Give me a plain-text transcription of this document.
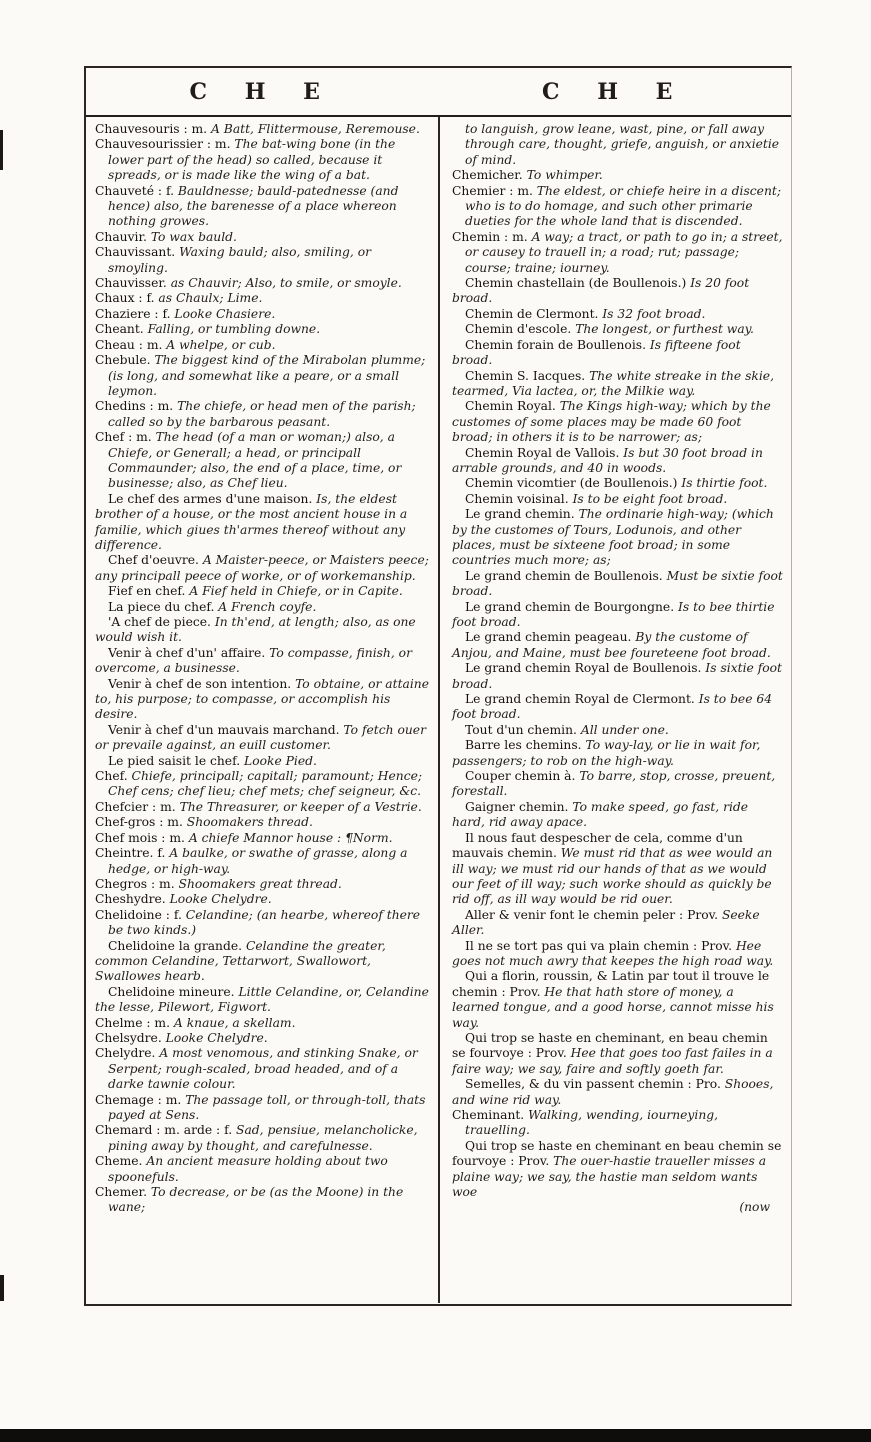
C H E	C H E

Chauvesouris : m. A Batt, Flittermouse, Reremouse.

Chauvesourissier : m. The bat-wing bone (in the lower part of the head) so called, because it spreads, or is made like the wing of a bat.

Chauveté : f. Bauldnesse; bauld-patednesse (and hence) also, the barenesse of a place whereon nothing growes.

Chauvir. To wax bauld.

Chauvissant. Waxing bauld; also, smiling, or smoyling.

Chauvisser. as Chauvir; Also, to smile, or smoyle.

Chaux : f. as Chaulx; Lime.

Chaziere : f. Looke Chasiere.

Cheant. Falling, or tumbling downe.

Cheau : m. A whelpe, or cub.

Chebule. The biggest kind of the Mirabolan plumme; (is long, and somewhat like a peare, or a small leymon.

Chedins : m. The chiefe, or head men of the parish; called so by the barbarous peasant.

Chef : m. The head (of a man or woman;) also, a Chiefe, or Generall; a head, or principall Commaunder; also, the end of a place, time, or businesse; also, as Chef lieu.

Le chef des armes d'une maison. Is, the eldest brother of a house, or the most ancient house in a familie, which giues th'armes thereof without any difference.

Chef d'oeuvre. A Maister-peece, or Maisters peece; any principall peece of worke, or of workemanship.

Fief en chef. A Fief held in Chiefe, or in Capite.

La piece du chef. A French coyfe.

'A chef de piece. In th'end, at length; also, as one would wish it.

Venir à chef d'un' affaire. To compasse, finish, or overcome, a businesse.

Venir à chef de son intention. To obtaine, or attaine to, his purpose; to compasse, or accomplish his desire.

Venir à chef d'un mauvais marchand. To fetch ouer or prevaile against, an euill customer.

Le pied saisit le chef. Looke Pied.

Chef. Chiefe, principall; capitall; paramount; Hence; Chef cens; chef lieu; chef mets; chef seigneur, &c.

Chefcier : m. The Threasurer, or keeper of a Vestrie.

Chef-gros : m. Shoomakers thread.

Chef mois : m. A chiefe Mannor house : ¶Norm.

Cheintre. f. A baulke, or swathe of grasse, along a hedge, or high-way.

Chegros : m. Shoomakers great thread.

Cheshydre. Looke Chelydre.

Chelidoine : f. Celandine; (an hearbe, whereof there be two kinds.)

Chelidoine la grande. Celandine the greater, common Celandine, Tettarwort, Swallowort, Swallowes hearb.

Chelidoine mineure. Little Celandine, or, Celandine the lesse, Pilewort, Figwort.

Chelme : m. A knaue, a skellam.

Chelsydre. Looke Chelydre.

Chelydre. A most venomous, and stinking Snake, or Serpent; rough-scaled, broad headed, and of a darke tawnie colour.

Chemage : m. The passage toll, or through-toll, thats payed at Sens.

Chemard : m. arde : f. Sad, pensiue, melancholicke, pining away by thought, and carefulnesse.

Cheme. An ancient measure holding about two spoonefuls.

Chemer. To decrease, or be (as the Moone) in the wane;

to languish, grow leane, wast, pine, or fall away through care, thought, griefe, anguish, or anxietie of mind.

Chemicher. To whimper.

Chemier : m. The eldest, or chiefe heire in a discent; who is to do homage, and such other primarie dueties for the whole land that is discended.

Chemin : m. A way; a tract, or path to go in; a street, or causey to trauell in; a road; rut; passage; course; traine; iourney.

Chemin chastellain (de Boullenois.) Is 20 foot broad.

Chemin de Clermont. Is 32 foot broad.

Chemin d'escole. The longest, or furthest way.

Chemin forain de Boullenois. Is fifteene foot broad.

Chemin S. Iacques. The white streake in the skie, tearmed, Via lactea, or, the Milkie way.

Chemin Royal. The Kings high-way; which by the customes of some places may be made 60 foot broad; in others it is to be narrower; as;

Chemin Royal de Vallois. Is but 30 foot broad in arrable grounds, and 40 in woods.

Chemin vicomtier (de Boullenois.) Is thirtie foot.

Chemin voisinal. Is to be eight foot broad.

Le grand chemin. The ordinarie high-way; (which by the customes of Tours, Lodunois, and other places, must be sixteene foot broad; in some countries much more; as;

Le grand chemin de Boullenois. Must be sixtie foot broad.

Le grand chemin de Bourgongne. Is to bee thirtie foot broad.

Le grand chemin peageau. By the custome of Anjou, and Maine, must bee foureteene foot broad.

Le grand chemin Royal de Boullenois. Is sixtie foot broad.

Le grand chemin Royal de Clermont. Is to bee 64 foot broad.

Tout d'un chemin. All under one.

Barre les chemins. To way-lay, or lie in wait for, passengers; to rob on the high-way.

Couper chemin à. To barre, stop, crosse, preuent, forestall.

Gaigner chemin. To make speed, go fast, ride hard, rid away apace.

Il nous faut despescher de cela, comme d'un mauvais chemin. We must rid that as wee would an ill way; we must rid our hands of that as we would our feet of ill way; such worke should as quickly be rid off, as ill way would be rid ouer.

Aller & venir font le chemin peler : Prov. Seeke Aller.

Il ne se tort pas qui va plain chemin : Prov. Hee goes not much awry that keepes the high road way.

Qui a florin, roussin, & Latin par tout il trouve le chemin : Prov. He that hath store of money, a learned tongue, and a good horse, cannot misse his way.

Qui trop se haste en cheminant, en beau chemin se fourvoye : Prov. Hee that goes too fast failes in a faire way; we say, faire and softly goeth far.

Semelles, & du vin passent chemin : Pro. Shooes, and wine rid way.

Cheminant. Walking, wending, iourneying, trauelling.

Qui trop se haste en cheminant en beau chemin se fourvoye : Prov. The ouer-hastie traueller misses a plaine way; we say, the hastie man seldom wants woe

(now
